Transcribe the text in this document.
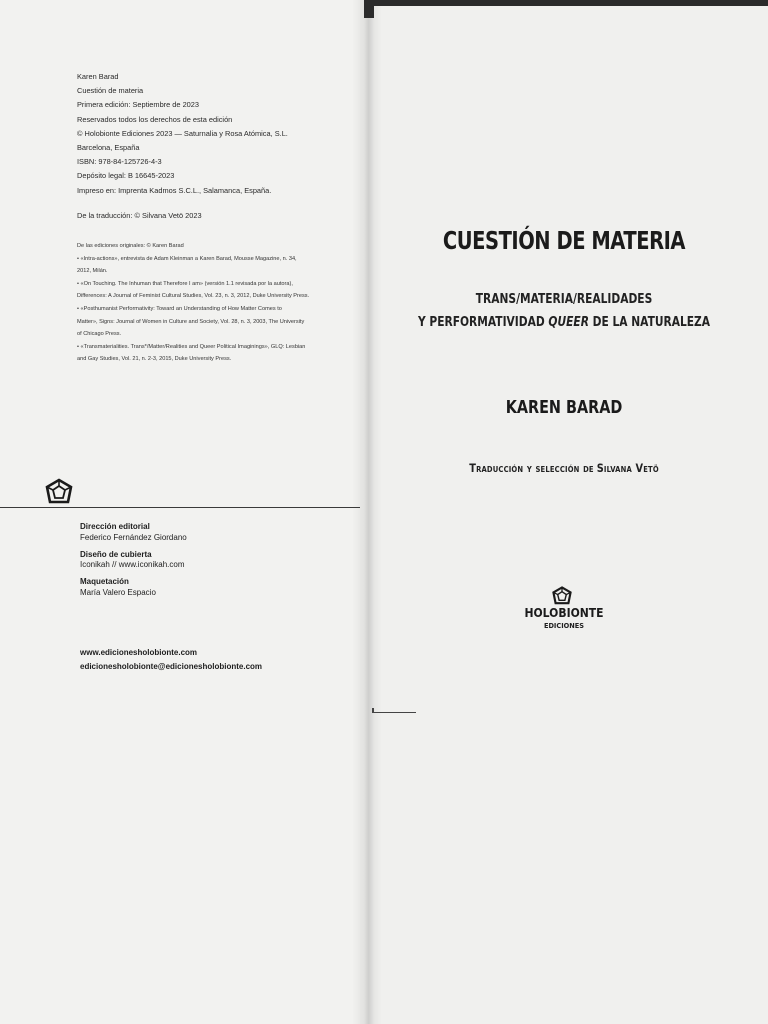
Karen Barad
Cuestión de materia
Primera edición: Septiembre de 2023
Reservados todos los derechos de esta edición
© Holobionte Ediciones 2023 — Saturnalia y Rosa Atómica, S.L.
Barcelona, España
ISBN: 978-84-125726-4-3
Depósito legal: B 16645-2023
Impreso en: Imprenta Kadmos S.C.L., Salamanca, España.
De la traducción: © Silvana Vetö 2023
De las ediciones originales: © Karen Barad
• «Intra-actions», entrevista de Adam Kleinman a Karen Barad, Mousse Magazine, n. 34,
2012, Milán.
• «On Touching. The Inhuman that Therefore I am» (versión 1.1 revisada por la autora),
Differences: A Journal of Feminist Cultural Studies, Vol. 23, n. 3, 2012, Duke University Press.
• «Posthumanist Performativity: Toward an Understanding of How Matter Comes to
Matter», Signs: Journal of Women in Culture and Society, Vol. 28, n. 3, 2003, The University
of Chicago Press.
• «Transmaterialities. Trans*/Matter/Realities and Queer Political Imaginings», GLQ: Lesbian
and Gay Studies, Vol. 21, n. 2-3, 2015, Duke University Press.
Dirección editorial
Federico Fernández Giordano
Diseño de cubierta
Iconikah // www.iconikah.com
Maquetación
María Valero Espacio
www.edicionesholobionte.com
edicionesholobionte@edicionesholobionte.com
CUESTIÓN DE MATERIA
TRANS/MATERIA/REALIDADES
Y PERFORMATIVIDAD QUEER DE LA NATURALEZA
KAREN BARAD
Traducción y selección de Silvana Vetö
HOLOBIONTE
EDICIONES
